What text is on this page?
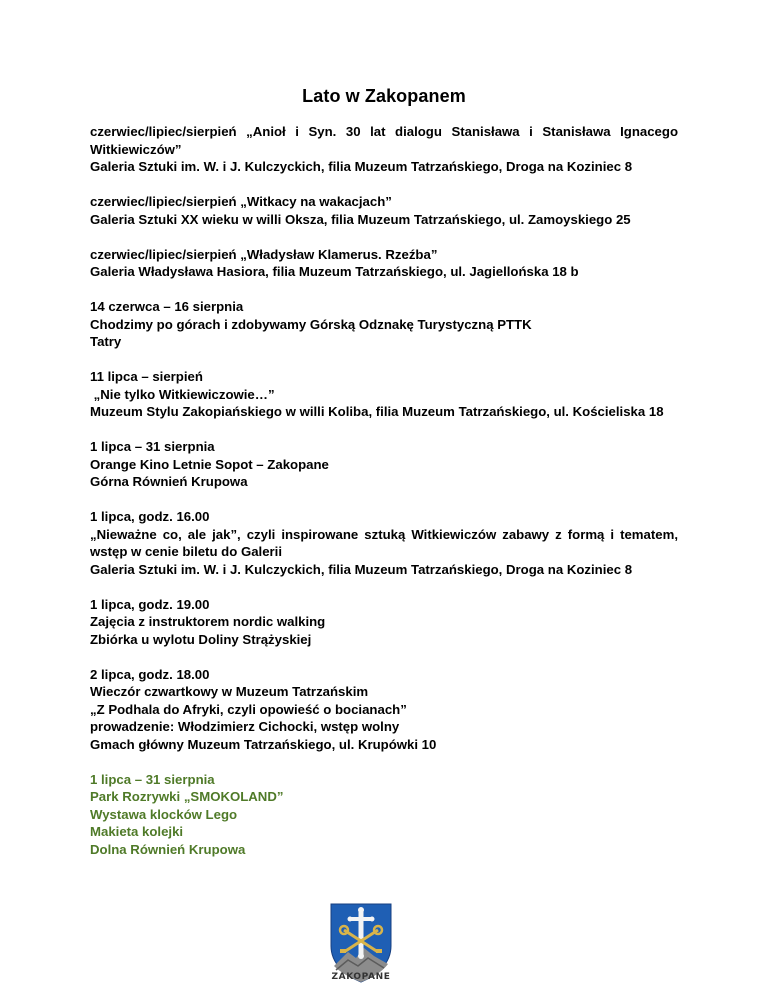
Lato w Zakopanem
czerwiec/lipiec/sierpień „Anioł i Syn. 30 lat dialogu Stanisława i Stanisława Ignacego Witkiewiczów”
Galeria Sztuki im. W. i J. Kulczyckich, filia Muzeum Tatrzańskiego, Droga na Koziniec 8
czerwiec/lipiec/sierpień „Witkacy na wakacjach”
Galeria Sztuki XX wieku w willi Oksza, filia Muzeum Tatrzańskiego, ul. Zamoyskiego 25
czerwiec/lipiec/sierpień „Władysław Klamerus. Rzeźba”
Galeria Władysława Hasiora, filia Muzeum Tatrzańskiego, ul. Jagiellońska 18 b
14 czerwca – 16 sierpnia
Chodzimy po górach i zdobywamy Górską Odznakę Turystyczną PTTK
Tatry
11 lipca – sierpień
„Nie tylko Witkiewiczowie…”
Muzeum Stylu Zakopiańskiego w willi Koliba, filia Muzeum Tatrzańskiego, ul. Kościeliska 18
1 lipca – 31 sierpnia
Orange Kino Letnie Sopot – Zakopane
Górna Równień Krupowa
1 lipca, godz. 16.00
„Nieważne co, ale jak”, czyli inspirowane sztuką Witkiewiczów zabawy z formą i tematem, wstęp w cenie biletu do Galerii
Galeria Sztuki im. W. i J. Kulczyckich, filia Muzeum Tatrzańskiego, Droga na Koziniec 8
1 lipca, godz. 19.00
Zajęcia z instruktorem nordic walking
Zbiórka u wylotu Doliny Strążyskiej
2 lipca, godz. 18.00
Wieczór czwartkowy w Muzeum Tatrzańskim
„Z Podhala do Afryki, czyli opowieść o bocianach”
prowadzenie: Włodzimierz Cichocki, wstęp wolny
Gmach główny Muzeum Tatrzańskiego, ul. Krupówki 10
1 lipca – 31 sierpnia
Park Rozrywki „SMOKOLAND”
Wystawa klocków Lego
Makieta kolejki
Dolna Równień Krupowa
ZAKOPANE
